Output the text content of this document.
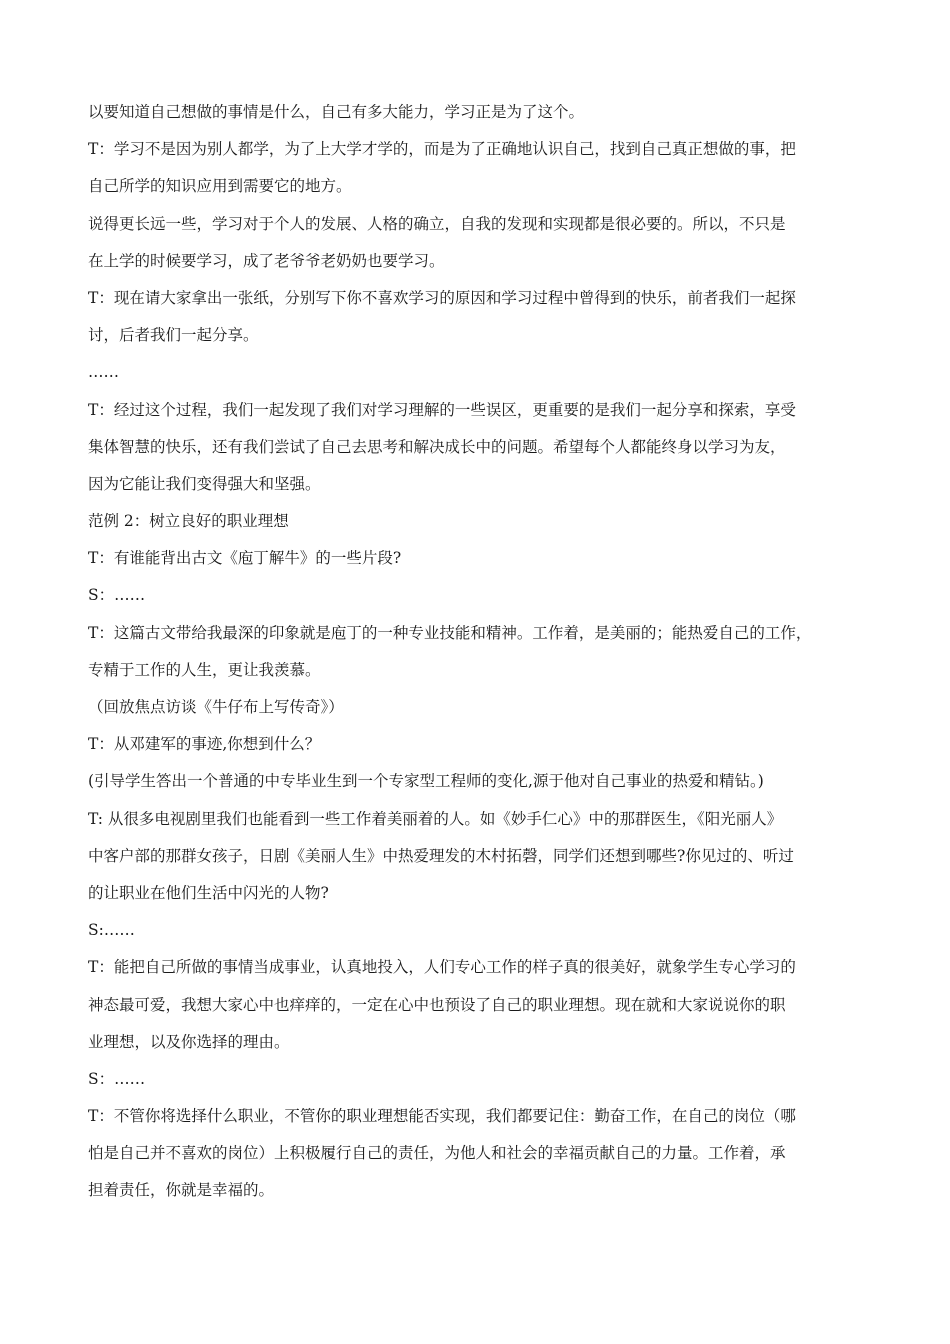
以要知道自己想做的事情是什么，自己有多大能力，学习正是为了这个。
T：学习不是因为别人都学，为了上大学才学的，而是为了正确地认识自己，找到自己真正想做的事，把
自己所学的知识应用到需要它的地方。
说得更长远一些，学习对于个人的发展、人格的确立，自我的发现和实现都是很必要的。所以，不只是
在上学的时候要学习，成了老爷爷老奶奶也要学习。
T：现在请大家拿出一张纸，分别写下你不喜欢学习的原因和学习过程中曾得到的快乐，前者我们一起探
讨，后者我们一起分享。
……
T：经过这个过程，我们一起发现了我们对学习理解的一些误区，更重要的是我们一起分享和探索，享受
集体智慧的快乐，还有我们尝试了自己去思考和解决成长中的问题。希望每个人都能终身以学习为友，
因为它能让我们变得强大和坚强。
范例 2：树立良好的职业理想
T：有谁能背出古文《庖丁解牛》的一些片段?
S：……
T：这篇古文带给我最深的印象就是庖丁的一种专业技能和精神。工作着，是美丽的；能热爱自己的工作，
专精于工作的人生，更让我羡慕。
（回放焦点访谈《牛仔布上写传奇》）
T：从邓建军的事迹,你想到什么？
(引导学生答出一个普通的中专毕业生到一个专家型工程师的变化,源于他对自己事业的热爱和精钻。)
T: 从很多电视剧里我们也能看到一些工作着美丽着的人。如《妙手仁心》中的那群医生，《阳光丽人》
中客户部的那群女孩子，日剧《美丽人生》中热爱理发的木村拓磬，同学们还想到哪些?你见过的、听过
的让职业在他们生活中闪光的人物?
S:……
T：能把自己所做的事情当成事业，认真地投入，人们专心工作的样子真的很美好，就象学生专心学习的
神态最可爱，我想大家心中也痒痒的，一定在心中也预设了自己的职业理想。现在就和大家说说你的职
业理想，以及你选择的理由。
S：……
T：不管你将选择什么职业，不管你的职业理想能否实现，我们都要记住：勤奋工作，在自己的岗位（哪
怕是自己并不喜欢的岗位）上积极履行自己的责任，为他人和社会的幸福贡献自己的力量。工作着，承
担着责任，你就是幸福的。
